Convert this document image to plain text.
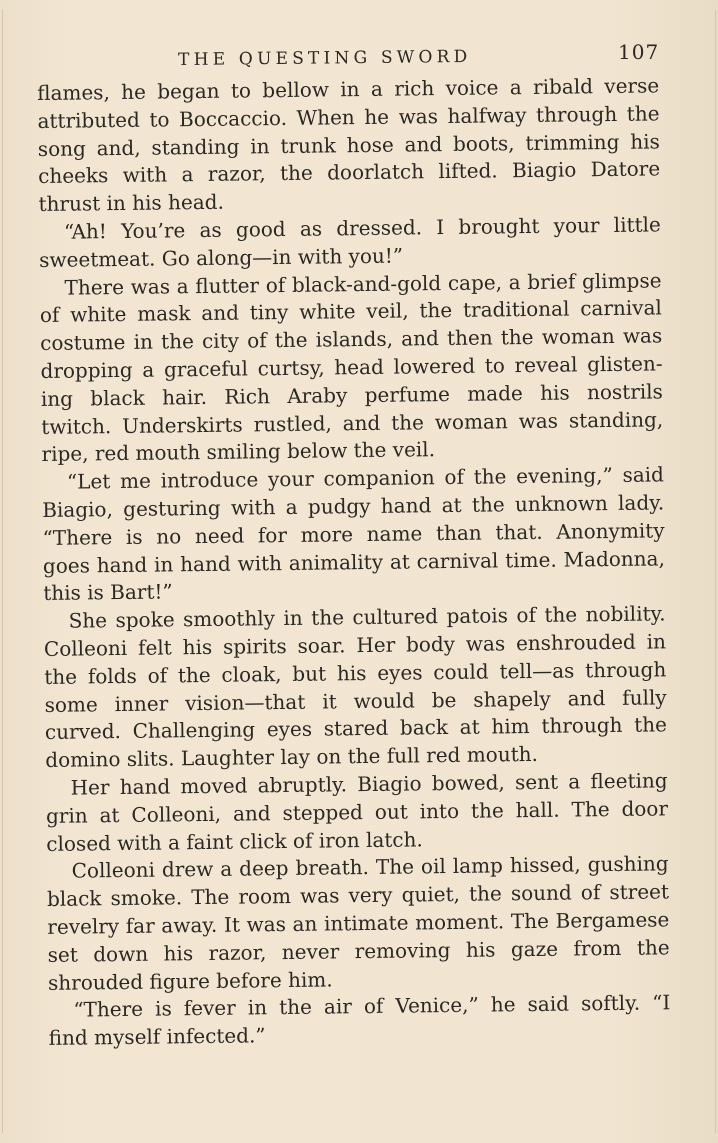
THE QUESTING SWORD	107
flames, he began to bellow in a rich voice a ribald verse
attributed to Boccaccio. When he was halfway through the
song and, standing in trunk hose and boots, trimming his
cheeks with a razor, the doorlatch lifted. Biagio Datore
thrust in his head.
“Ah! You’re as good as dressed. I brought your little
sweetmeat. Go along—in with you!”
There was a flutter of black-and-gold cape, a brief glimpse
of white mask and tiny white veil, the traditional carnival
costume in the city of the islands, and then the woman was
dropping a graceful curtsy, head lowered to reveal glisten-
ing black hair. Rich Araby perfume made his nostrils
twitch. Underskirts rustled, and the woman was standing,
ripe, red mouth smiling below the veil.
“Let me introduce your companion of the evening,” said
Biagio, gesturing with a pudgy hand at the unknown lady.
“There is no need for more name than that. Anonymity
goes hand in hand with animality at carnival time. Madonna,
this is Bart!”
She spoke smoothly in the cultured patois of the nobility.
Colleoni felt his spirits soar. Her body was enshrouded in
the folds of the cloak, but his eyes could tell—as through
some inner vision—that it would be shapely and fully
curved. Challenging eyes stared back at him through the
domino slits. Laughter lay on the full red mouth.
Her hand moved abruptly. Biagio bowed, sent a fleeting
grin at Colleoni, and stepped out into the hall. The door
closed with a faint click of iron latch.
Colleoni drew a deep breath. The oil lamp hissed, gushing
black smoke. The room was very quiet, the sound of street
revelry far away. It was an intimate moment. The Bergamese
set down his razor, never removing his gaze from the
shrouded figure before him.
“There is fever in the air of Venice,” he said softly. “I
find myself infected.”
